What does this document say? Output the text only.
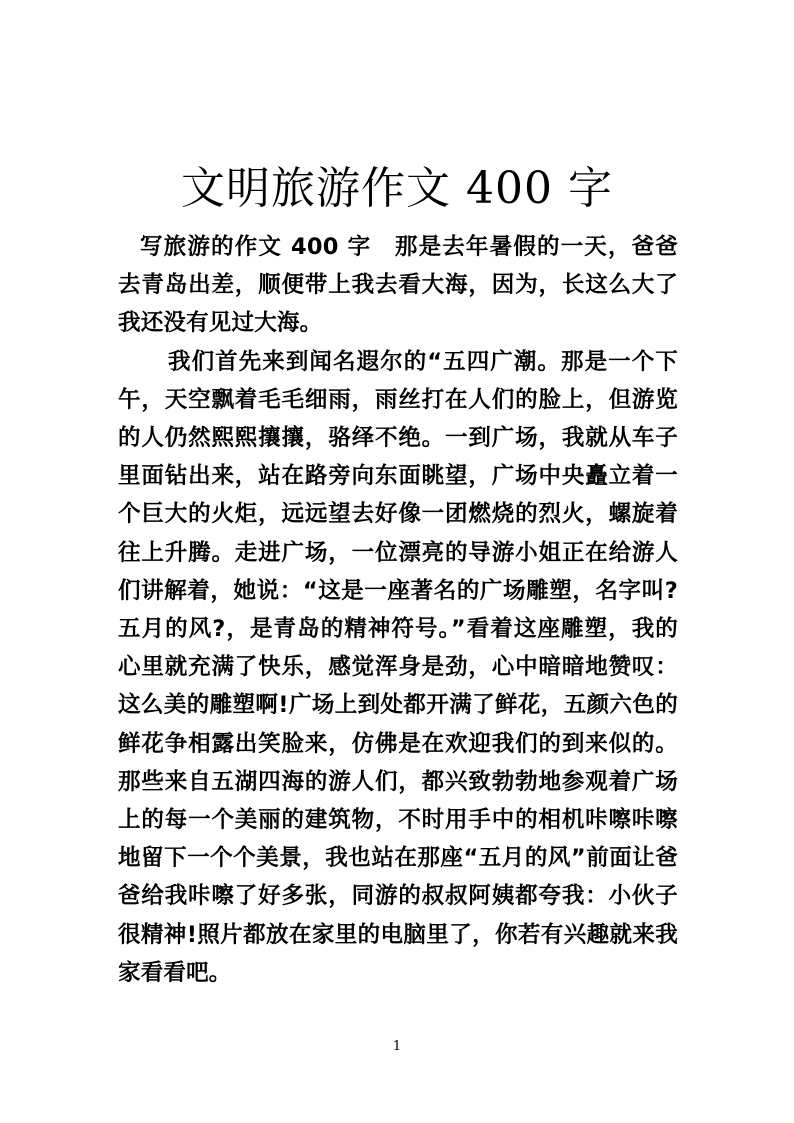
文明旅游作文 400 字

写旅游的作文 400 字　那是去年暑假的一天，爸爸去青岛出差，顺便带上我去看大海，因为，长这么大了我还没有见过大海。

我们首先来到闻名遐尔的“五四广潮。那是一个下午，天空飘着毛毛细雨，雨丝打在人们的脸上，但游览的人仍然熙熙攘攘，骆绎不绝。一到广场，我就从车子里面钻出来，站在路旁向东面眺望，广场中央矗立着一个巨大的火炬，远远望去好像一团燃烧的烈火，螺旋着往上升腾。走进广场，一位漂亮的导游小姐正在给游人们讲解着，她说：“这是一座著名的广场雕塑，名字叫?五月的风?，是青岛的精神符号。”看着这座雕塑，我的心里就充满了快乐，感觉浑身是劲，心中暗暗地赞叹：这么美的雕塑啊!广场上到处都开满了鲜花，五颜六色的鲜花争相露出笑脸来，仿佛是在欢迎我们的到来似的。那些来自五湖四海的游人们，都兴致勃勃地参观着广场上的每一个美丽的建筑物，不时用手中的相机咔嚓咔嚓地留下一个个美景，我也站在那座“五月的风”前面让爸爸给我咔嚓了好多张，同游的叔叔阿姨都夸我：小伙子很精神!照片都放在家里的电脑里了，你若有兴趣就来我家看看吧。

1
